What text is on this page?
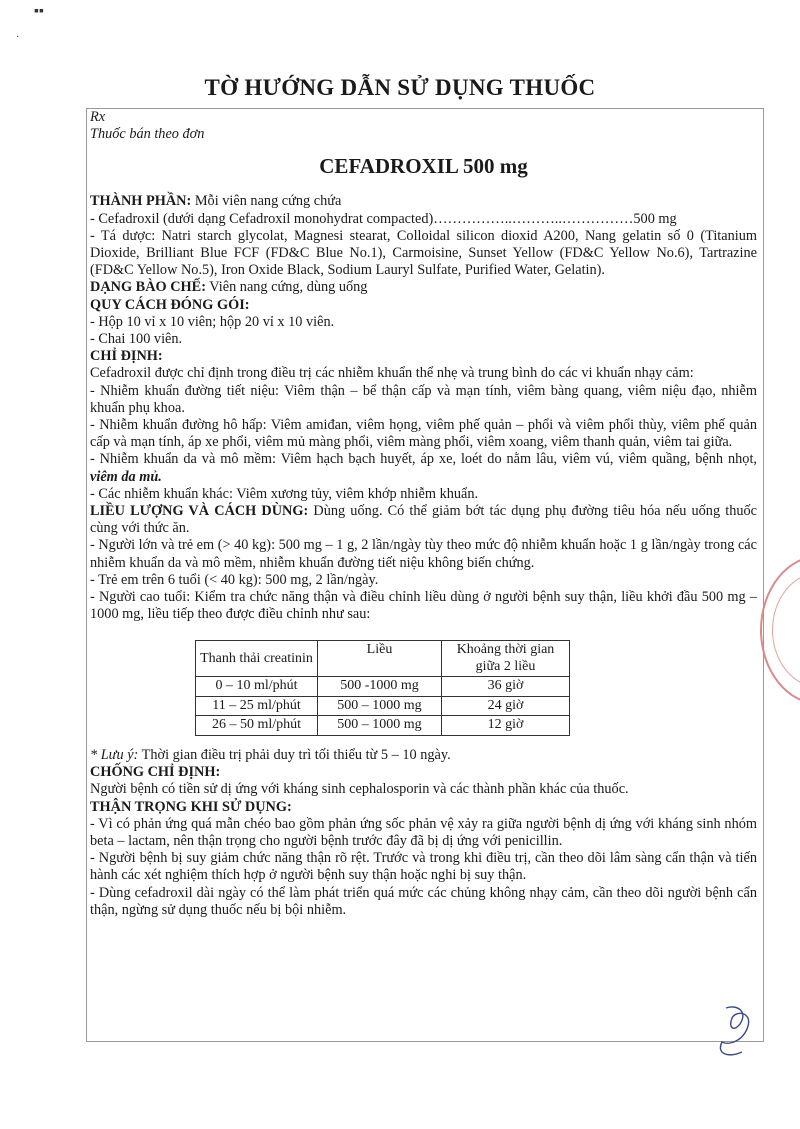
▪▪
·
TỜ HƯỚNG DẪN SỬ DỤNG THUỐC

Rx

Thuốc bán theo đơn

CEFADROXIL 500 mg

THÀNH PHẦN: Mỗi viên nang cứng chứa

- Cefadroxil (dưới dạng Cefadroxil monohydrat compacted)……………..………..……………500 mg

- Tá dược: Natri starch glycolat, Magnesi stearat, Colloidal silicon dioxid A200, Nang gelatin số 0 (Titanium Dioxide, Brilliant Blue FCF (FD&C Blue No.1), Carmoisine, Sunset Yellow (FD&C Yellow No.6), Tartrazine (FD&C Yellow No.5), Iron Oxide Black, Sodium Lauryl Sulfate, Purified Water, Gelatin).

DẠNG BÀO CHẾ: Viên nang cứng, dùng uống

QUY CÁCH ĐÓNG GÓI:

- Hộp 10 vỉ x 10 viên; hộp 20 vỉ x 10 viên.

- Chai 100 viên.

CHỈ ĐỊNH:

Cefadroxil được chỉ định trong điều trị các nhiễm khuẩn thể nhẹ và trung bình do các vi khuẩn nhạy cảm:

- Nhiễm khuẩn đường tiết niệu: Viêm thận – bể thận cấp và mạn tính, viêm bàng quang, viêm niệu đạo, nhiễm khuẩn phụ khoa.

- Nhiễm khuẩn đường hô hấp: Viêm amiđan, viêm họng, viêm phế quản – phổi và viêm phổi thùy, viêm phế quản cấp và mạn tính, áp xe phổi, viêm mủ màng phổi, viêm màng phổi, viêm xoang, viêm thanh quản, viêm tai giữa.

- Nhiễm khuẩn da và mô mềm: Viêm hạch bạch huyết, áp xe, loét do nằm lâu, viêm vú, viêm quầng, bệnh nhọt, viêm da mủ.

- Các nhiễm khuẩn khác: Viêm xương tủy, viêm khớp nhiễm khuẩn.

LIỀU LƯỢNG VÀ CÁCH DÙNG: Dùng uống. Có thể giảm bớt tác dụng phụ đường tiêu hóa nếu uống thuốc cùng với thức ăn.

- Người lớn và trẻ em (> 40 kg): 500 mg – 1 g, 2 lần/ngày tùy theo mức độ nhiễm khuẩn hoặc 1 g lần/ngày trong các nhiễm khuẩn da và mô mềm, nhiễm khuẩn đường tiết niệu không biến chứng.

- Trẻ em trên 6 tuổi (< 40 kg): 500 mg, 2 lần/ngày.

- Người cao tuổi: Kiểm tra chức năng thận và điều chỉnh liều dùng ở người bệnh suy thận, liều khởi đầu 500 mg – 1000 mg, liều tiếp theo được điều chỉnh như sau:

Thanh thải creatinin	Liều	Khoảng thời gian giữa 2 liều
0 – 10 ml/phút	500 -1000 mg	36 giờ
11 – 25 ml/phút	500 – 1000 mg	24 giờ
26 – 50 ml/phút	500 – 1000 mg	12 giờ

* Lưu ý: Thời gian điều trị phải duy trì tối thiểu từ 5 – 10 ngày.

CHỐNG CHỈ ĐỊNH:

Người bệnh có tiền sử dị ứng với kháng sinh cephalosporin và các thành phần khác của thuốc.

THẬN TRỌNG KHI SỬ DỤNG:

- Vì có phản ứng quá mẫn chéo bao gồm phản ứng sốc phản vệ xảy ra giữa người bệnh dị ứng với kháng sinh nhóm beta – lactam, nên thận trọng cho người bệnh trước đây đã bị dị ứng với penicillin.

- Người bệnh bị suy giảm chức năng thận rõ rệt. Trước và trong khi điều trị, cần theo dõi lâm sàng cẩn thận và tiến hành các xét nghiệm thích hợp ở người bệnh suy thận hoặc nghi bị suy thận.

- Dùng cefadroxil dài ngày có thể làm phát triển quá mức các chủng không nhạy cảm, cần theo dõi người bệnh cẩn thận, ngừng sử dụng thuốc nếu bị bội nhiễm.
